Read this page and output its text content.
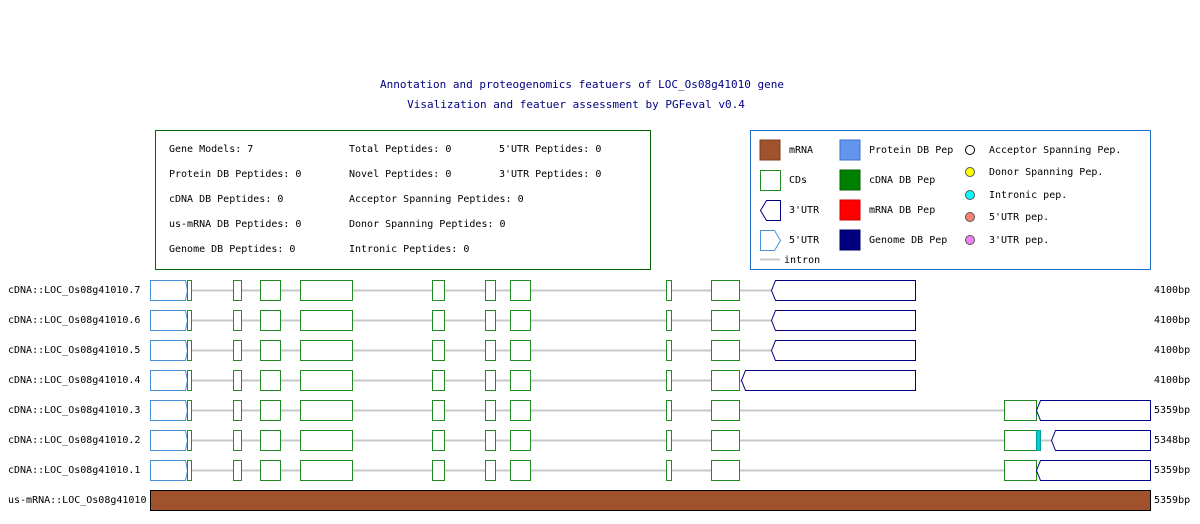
Annotation and proteogenomics featuers of LOC_Os08g41010 gene
Visalization and featuer assessment by PGFeval v0.4
Gene Models: 7
Protein DB Peptides: 0
cDNA DB Peptides: 0
us-mRNA DB Peptides: 0
Genome DB Peptides: 0
Total Peptides: 0
Novel Peptides: 0
Acceptor Spanning Peptides: 0
Donor Spanning Peptides: 0
Intronic Peptides: 0
5'UTR Peptides: 0
3'UTR Peptides: 0
mRNA
CDs
3'UTR
5'UTR
intron
Protein DB Pep
cDNA DB Pep
mRNA DB Pep
Genome DB Pep
Acceptor Spanning Pep.
Donor Spanning Pep.
Intronic pep.
5'UTR pep.
3'UTR pep.
cDNA::LOC_Os08g41010.7	4100bp
cDNA::LOC_Os08g41010.6	4100bp
cDNA::LOC_Os08g41010.5	4100bp
cDNA::LOC_Os08g41010.4	4100bp
cDNA::LOC_Os08g41010.3	5359bp
cDNA::LOC_Os08g41010.2	5348bp
cDNA::LOC_Os08g41010.1	5359bp
us-mRNA::LOC_Os08g41010	5359bp
